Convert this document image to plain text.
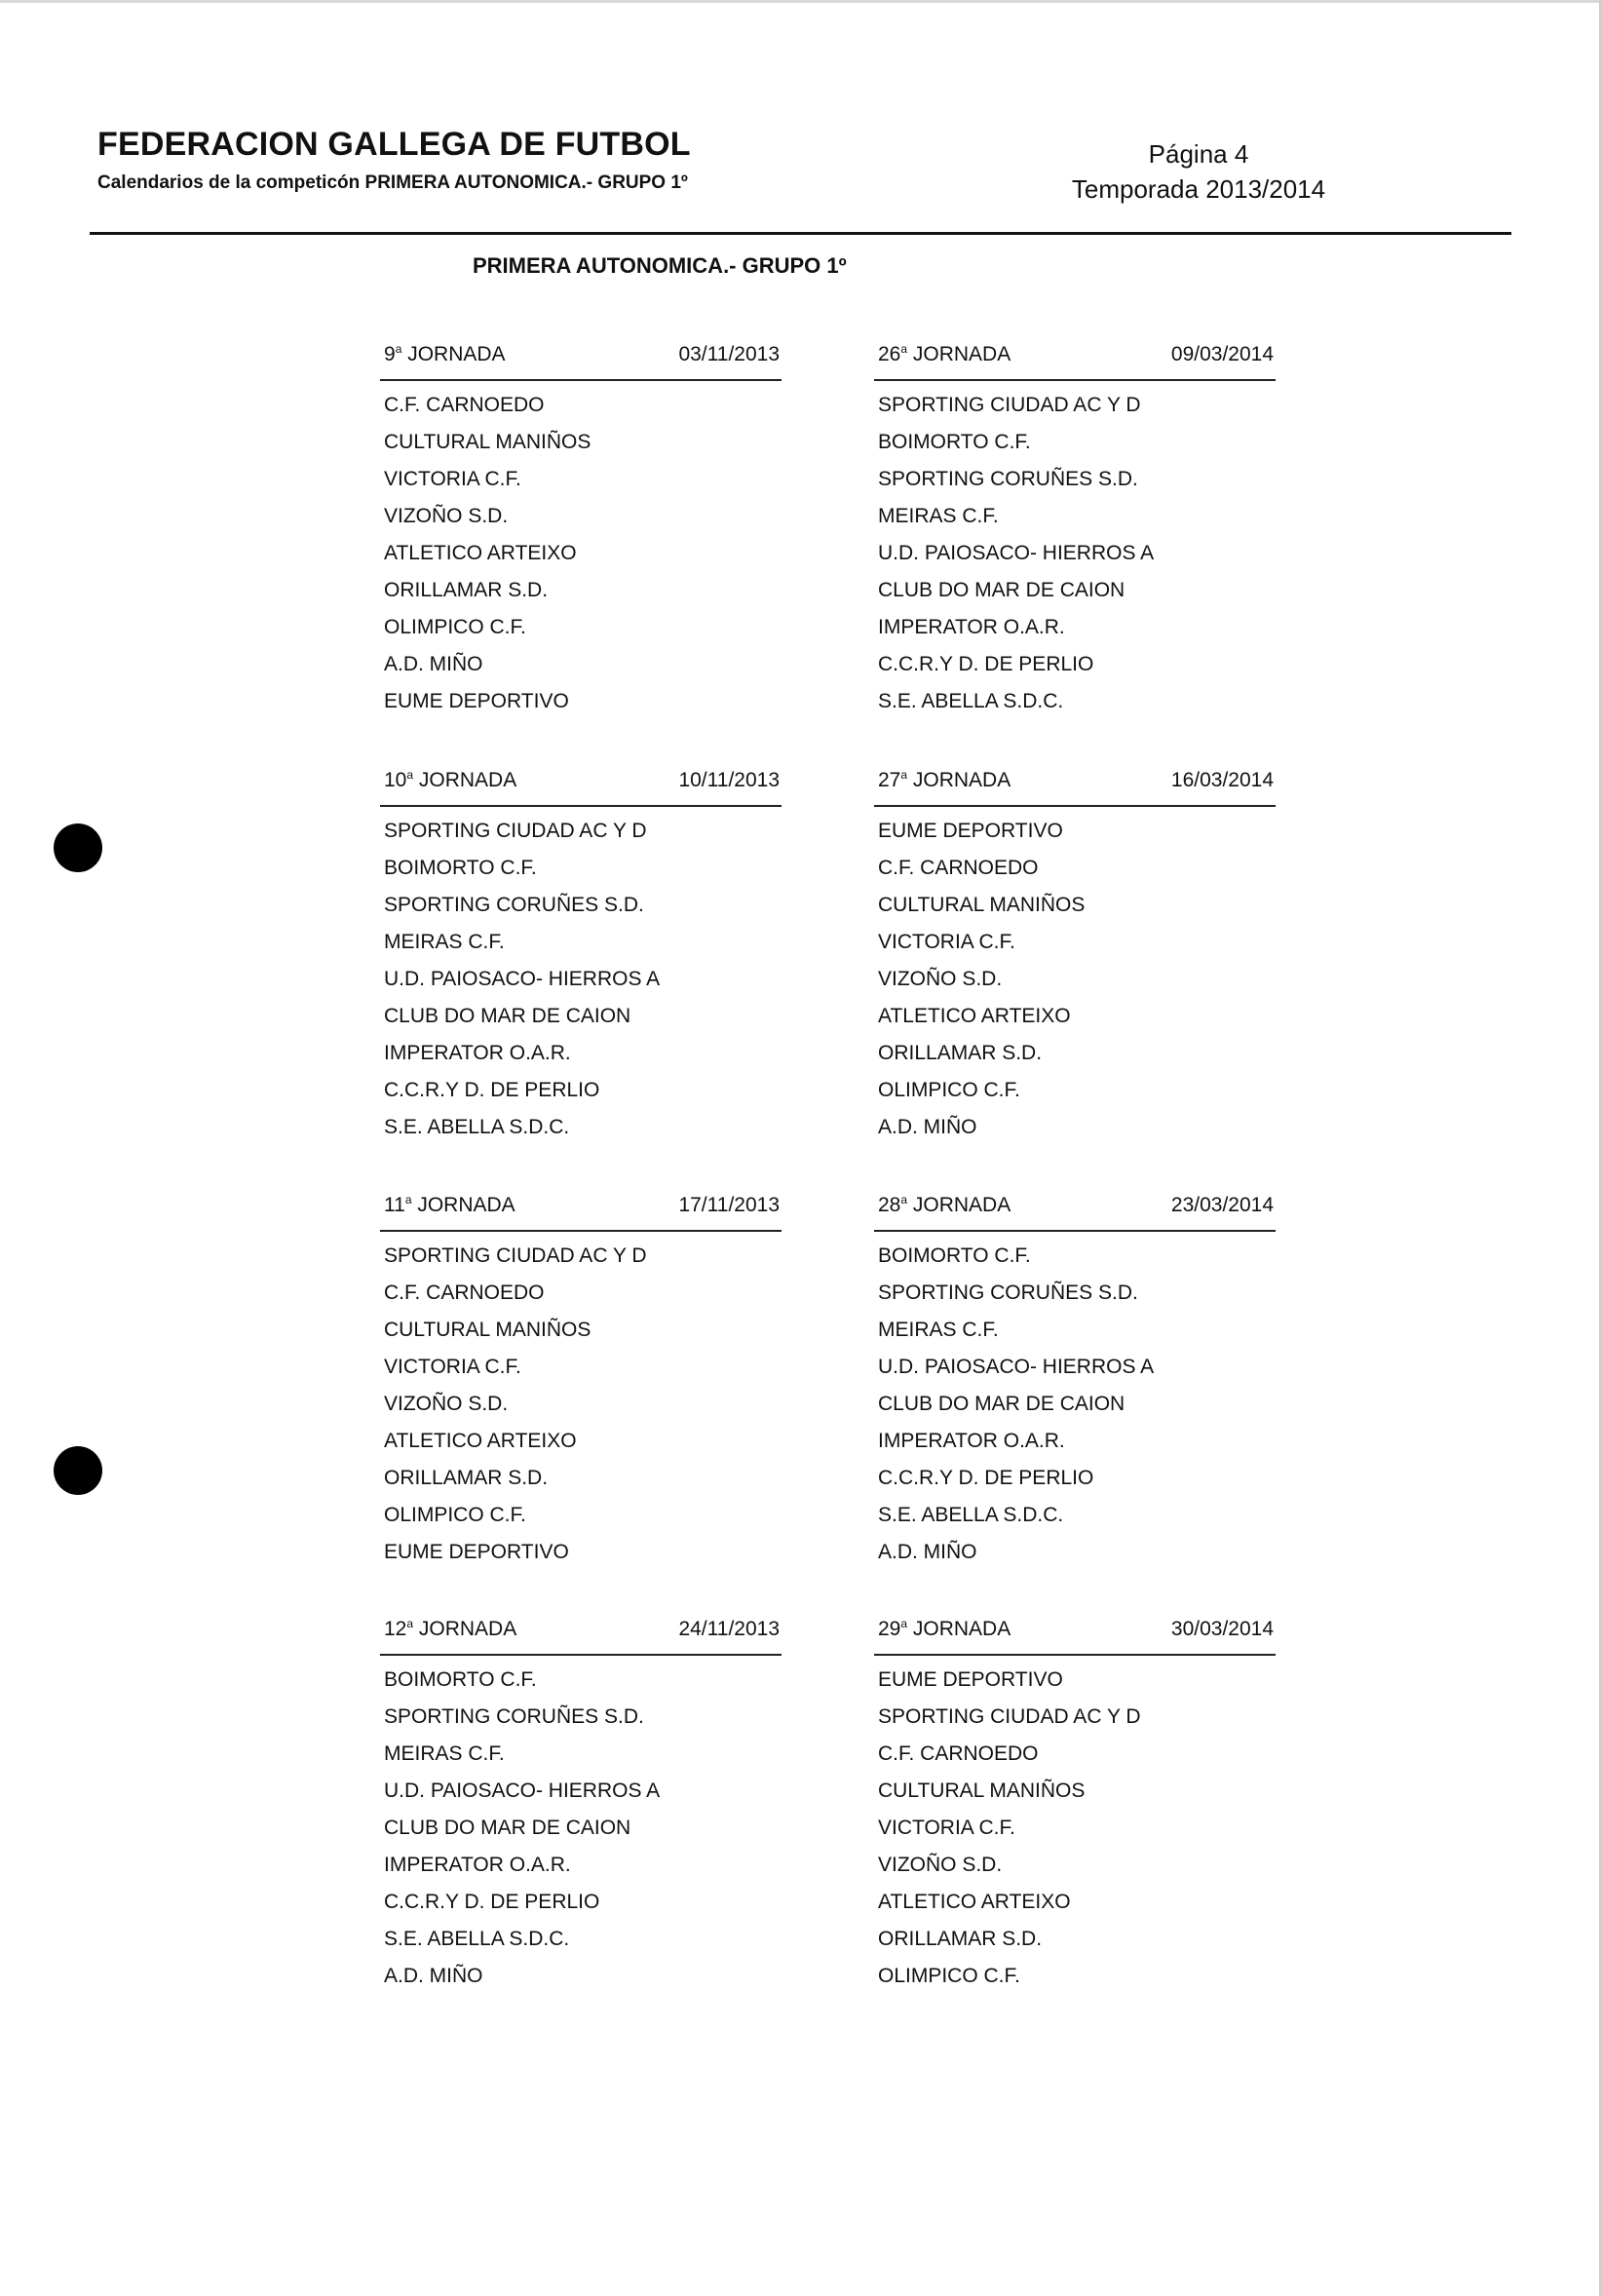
FEDERACION GALLEGA DE FUTBOL
Calendarios de la competicón PRIMERA AUTONOMICA.- GRUPO 1º
Página 4
Temporada 2013/2014
PRIMERA AUTONOMICA.- GRUPO 1º
9$^a$ JORNADA	03/11/2013
C.F. CARNOEDO
CULTURAL MANIÑOS
VICTORIA C.F.
VIZOÑO S.D.
ATLETICO ARTEIXO
ORILLAMAR S.D.
OLIMPICO C.F.
A.D. MIÑO
EUME DEPORTIVO
26$^a$ JORNADA	09/03/2014
SPORTING CIUDAD AC Y D
BOIMORTO C.F.
SPORTING CORUÑES S.D.
MEIRAS C.F.
U.D. PAIOSACO- HIERROS A
CLUB DO MAR DE CAION
IMPERATOR O.A.R.
C.C.R.Y D. DE PERLIO
S.E. ABELLA S.D.C.
10$^a$ JORNADA	10/11/2013
SPORTING CIUDAD AC Y D
BOIMORTO C.F.
SPORTING CORUÑES S.D.
MEIRAS C.F.
U.D. PAIOSACO- HIERROS A
CLUB DO MAR DE CAION
IMPERATOR O.A.R.
C.C.R.Y D. DE PERLIO
S.E. ABELLA S.D.C.
27$^a$ JORNADA	16/03/2014
EUME DEPORTIVO
C.F. CARNOEDO
CULTURAL MANIÑOS
VICTORIA C.F.
VIZOÑO S.D.
ATLETICO ARTEIXO
ORILLAMAR S.D.
OLIMPICO C.F.
A.D. MIÑO
11$^a$ JORNADA	17/11/2013
SPORTING CIUDAD AC Y D
C.F. CARNOEDO
CULTURAL MANIÑOS
VICTORIA C.F.
VIZOÑO S.D.
ATLETICO ARTEIXO
ORILLAMAR S.D.
OLIMPICO C.F.
EUME DEPORTIVO
28$^a$ JORNADA	23/03/2014
BOIMORTO C.F.
SPORTING CORUÑES S.D.
MEIRAS C.F.
U.D. PAIOSACO- HIERROS A
CLUB DO MAR DE CAION
IMPERATOR O.A.R.
C.C.R.Y D. DE PERLIO
S.E. ABELLA S.D.C.
A.D. MIÑO
12$^a$ JORNADA	24/11/2013
BOIMORTO C.F.
SPORTING CORUÑES S.D.
MEIRAS C.F.
U.D. PAIOSACO- HIERROS A
CLUB DO MAR DE CAION
IMPERATOR O.A.R.
C.C.R.Y D. DE PERLIO
S.E. ABELLA S.D.C.
A.D. MIÑO
29$^a$ JORNADA	30/03/2014
EUME DEPORTIVO
SPORTING CIUDAD AC Y D
C.F. CARNOEDO
CULTURAL MANIÑOS
VICTORIA C.F.
VIZOÑO S.D.
ATLETICO ARTEIXO
ORILLAMAR S.D.
OLIMPICO C.F.
